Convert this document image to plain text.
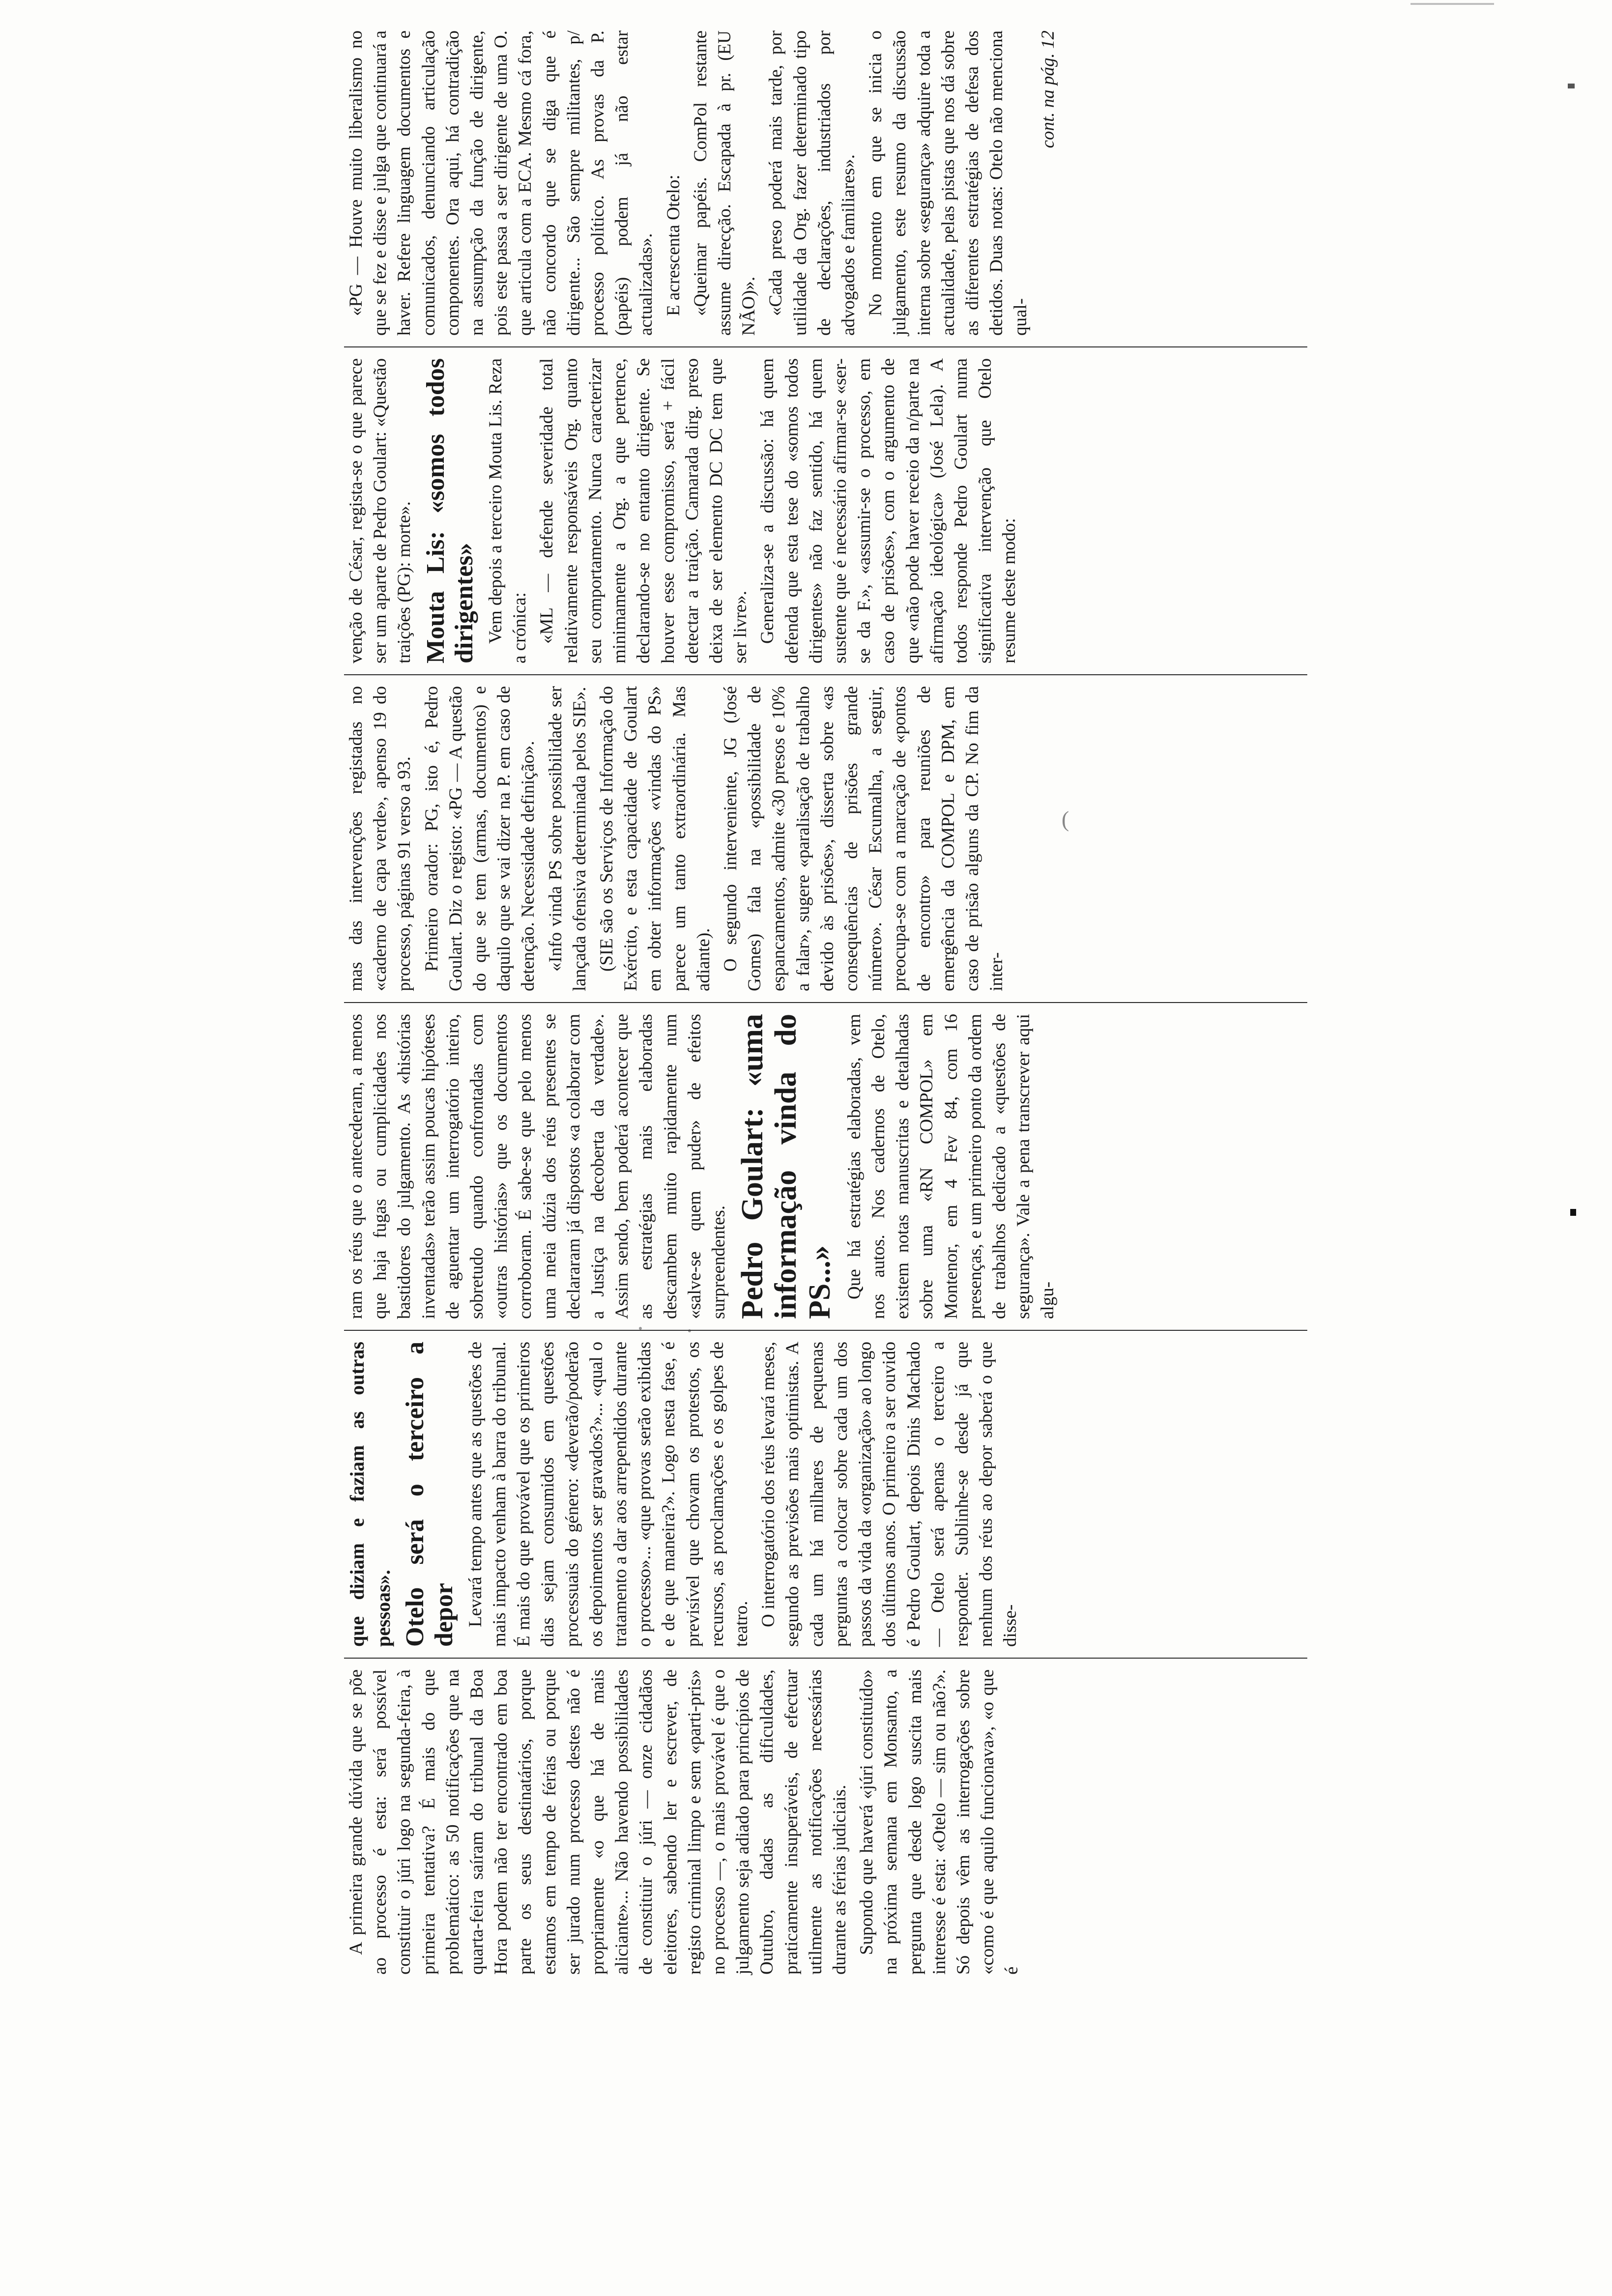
(

A primeira grande dúvida que se põe ao processo é esta: será possível constituir o júri logo na segunda-feira, à primeira tentativa? É mais do que problemático: as 50 notificações que na quarta-feira saíram do tribunal da Boa Hora podem não ter encontrado em boa parte os seus destinatários, porque estamos em tempo de férias ou porque ser jurado num processo destes não é propriamente «o que há de mais aliciante»... Não havendo possibilidades de constituir o júri — onze cidadãos eleitores, sabendo ler e escrever, de registo criminal limpo e sem «parti-pris» no processo —, o mais provável é que o julgamento seja adiado para princípios de Outubro, dadas as dificuldades, praticamente insuperáveis, de efectuar utilmente as notificações necessárias durante as férias judiciais. Supondo que haverá «júri constituído» na próxima semana em Monsanto, a pergunta que desde logo suscita mais interesse é esta: «Otelo — sim ou não?». Só depois vêm as interrogações sobre «como é que aquilo funcionava», «o que é

que diziam e faziam as outras pessoas». Otelo será o terceiro a depor Levará tempo antes que as questões de mais impacto venham à barra do tribunal. É mais do que provável que os primeiros dias sejam consumidos em questões processuais do género: «deverão/poderão os depoimentos ser gravados?»... «qual o tratamento a dar aos arrependidos durante o processo»... «que provas serão exibidas e de que maneira?». Logo nesta fase, é previsível que chovam os protestos, os recursos, as proclamações e os golpes de teatro. O interrogatório dos réus levará meses, segundo as previsões mais optimistas. A cada um há milhares de pequenas perguntas a colocar sobre cada um dos passos da vida da «organização» ao longo dos últimos anos. O primeiro a ser ouvido é Pedro Goulart, depois Dinis Machado — Otelo será apenas o terceiro a responder. Sublinhe-se desde já que nenhum dos réus ao depor saberá o que disse-

ram os réus que o antecederam, a menos que haja fugas ou cumplicidades nos bastidores do julgamento. As «histórias inventadas» terão assim poucas hipóteses de aguentar um interrogatório inteiro, sobretudo quando confrontadas com «outras histórias» que os documentos corroboram. É sabe-se que pelo menos uma meia dúzia dos réus presentes se declararam já dispostos «a colaborar com a Justiça na decoberta da verdade». Assim sendo, bem poderá acontecer que as estratégias mais elaboradas descambem muito rapidamente num «salve-se quem puder» de efeitos surpreendentes. Pedro Goulart: «uma informação vinda do PS...» Que há estratégias elaboradas, vem nos autos. Nos cadernos de Otelo, existem notas manuscritas e detalhadas sobre uma «RN COMPOL» em Montenor, em 4 Fev 84, com 16 presenças, e um primeiro ponto da ordem de trabalhos dedicado a «questões de segurança». Vale a pena transcrever aqui algu-

mas das intervenções registadas no «caderno de capa verde», apenso 19 do processo, páginas 91 verso a 93. Primeiro orador: PG, isto é, Pedro Goulart. Diz o registo: «PG — A questão do que se tem (armas, documentos) e daquilo que se vai dizer na P. em caso de detenção. Necessidade definição». «Info vinda PS sobre possibilidade ser lançada ofensiva determinada pelos SIE». (SIE são os Serviços de Informação do Exército, e esta capacidade de Goulart em obter informações «vindas do PS» parece um tanto extraordinária. Mas adiante). O segundo interveniente, JG (José Gomes) fala na «possibilidade de espancamentos, admite «30 presos e 10% a falar», sugere «paralisação de trabalho devido às prisões», disserta sobre «as consequências de prisões grande número». César Escumalha, a seguir, preocupa-se com a marcação de «pontos de encontro» para reuniões de emergência da COMPOL e DPM, em caso de prisão alguns da CP. No fim da inter-

venção de César, regista-se o que parece ser um aparte de Pedro Goulart: «Questão traições (PG): morte». Mouta Lis: «somos todos dirigentes» Vem depois a terceiro Mouta Lis. Reza a crónica: «ML — defende severidade total relativamente responsáveis Org. quanto seu comportamento. Nunca caracterizar minimamente a Org. a que pertence, declarando-se no entanto dirigente. Se houver esse compromisso, será + fácil detectar a traição. Camarada dirg. preso deixa de ser elemento DC DC tem que ser livre». Generaliza-se a discussão: há quem defenda que esta tese do «somos todos dirigentes» não faz sentido, há quem sustente que é necessário afirmar-se «ser-se da F.», «assumir-se o processo, em caso de prisões», com o argumento de que «não pode haver receio da n/parte na afirmação ideológica» (José Lela). A todos responde Pedro Goulart numa significativa intervenção que Otelo resume deste modo:

«PG — Houve muito liberalismo no que se fez e disse e julga que continuará a haver. Refere linguagem documentos e comunicados, denunciando articulação componentes. Ora aqui, há contradição na assumpção da função de dirigente, pois este passa a ser dirigente de uma O. que articula com a ECA. Mesmo cá fora, não concordo que se diga que é dirigente... São sempre militantes, p/ processo político. As provas da P. (papéis) podem já não estar actualizadas». E acrescenta Otelo: «Queimar papéis. ComPol restante assume direcção. Escapada à pr. (EU NÃO)». «Cada preso poderá mais tarde, por utilidade da Org. fazer determinado tipo de declarações, industriados por advogados e familiares». No momento em que se inicia o julgamento, este resumo da discussão interna sobre «segurança» adquire toda a actualidade, pelas pistas que nos dá sobre as diferentes estratégias de defesa dos detidos. Duas notas: Otelo não menciona qual-

cont. na pág. 12
